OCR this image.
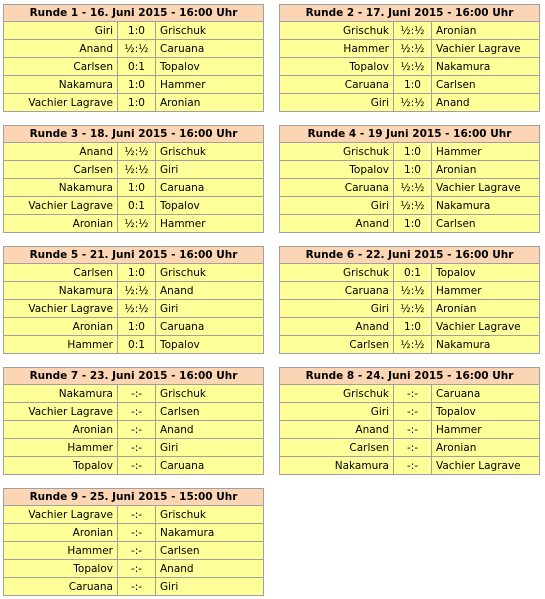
Runde 1 - 16. Juni 2015 - 16:00 Uhr		
Giri	1:0	Grischuk
Anand	½:½	Caruana
Carlsen	0:1	Topalov
Nakamura	1:0	Hammer
Vachier Lagrave	1:0	Aronian
Runde 2 - 17. Juni 2015 - 16:00 Uhr		
Grischuk	½:½	Aronian
Hammer	½:½	Vachier Lagrave
Topalov	½:½	Nakamura
Caruana	1:0	Carlsen
Giri	½:½	Anand
Runde 3 - 18. Juni 2015 - 16:00 Uhr		
Anand	½:½	Grischuk
Carlsen	½:½	Giri
Nakamura	1:0	Caruana
Vachier Lagrave	0:1	Topalov
Aronian	½:½	Hammer
Runde 4 - 19 Juni 2015 - 16:00 Uhr		
Grischuk	1:0	Hammer
Topalov	1:0	Aronian
Caruana	½:½	Vachier Lagrave
Giri	½:½	Nakamura
Anand	1:0	Carlsen
Runde 5 - 21. Juni 2015 - 16:00 Uhr		
Carlsen	1:0	Grischuk
Nakamura	½:½	Anand
Vachier Lagrave	½:½	Giri
Aronian	1:0	Caruana
Hammer	0:1	Topalov
Runde 6 - 22. Juni 2015 - 16:00 Uhr		
Grischuk	0:1	Topalov
Caruana	½:½	Hammer
Giri	½:½	Aronian
Anand	1:0	Vachier Lagrave
Carlsen	½:½	Nakamura
Runde 7 - 23. Juni 2015 - 16:00 Uhr		
Nakamura	-:-	Grischuk
Vachier Lagrave	-:-	Carlsen
Aronian	-:-	Anand
Hammer	-:-	Giri
Topalov	-:-	Caruana
Runde 8 - 24. Juni 2015 - 16:00 Uhr		
Grischuk	-:-	Caruana
Giri	-:-	Topalov
Anand	-:-	Hammer
Carlsen	-:-	Aronian
Nakamura	-:-	Vachier Lagrave
Runde 9 - 25. Juni 2015 - 15:00 Uhr		
Vachier Lagrave	-:-	Grischuk
Aronian	-:-	Nakamura
Hammer	-:-	Carlsen
Topalov	-:-	Anand
Caruana	-:-	Giri
